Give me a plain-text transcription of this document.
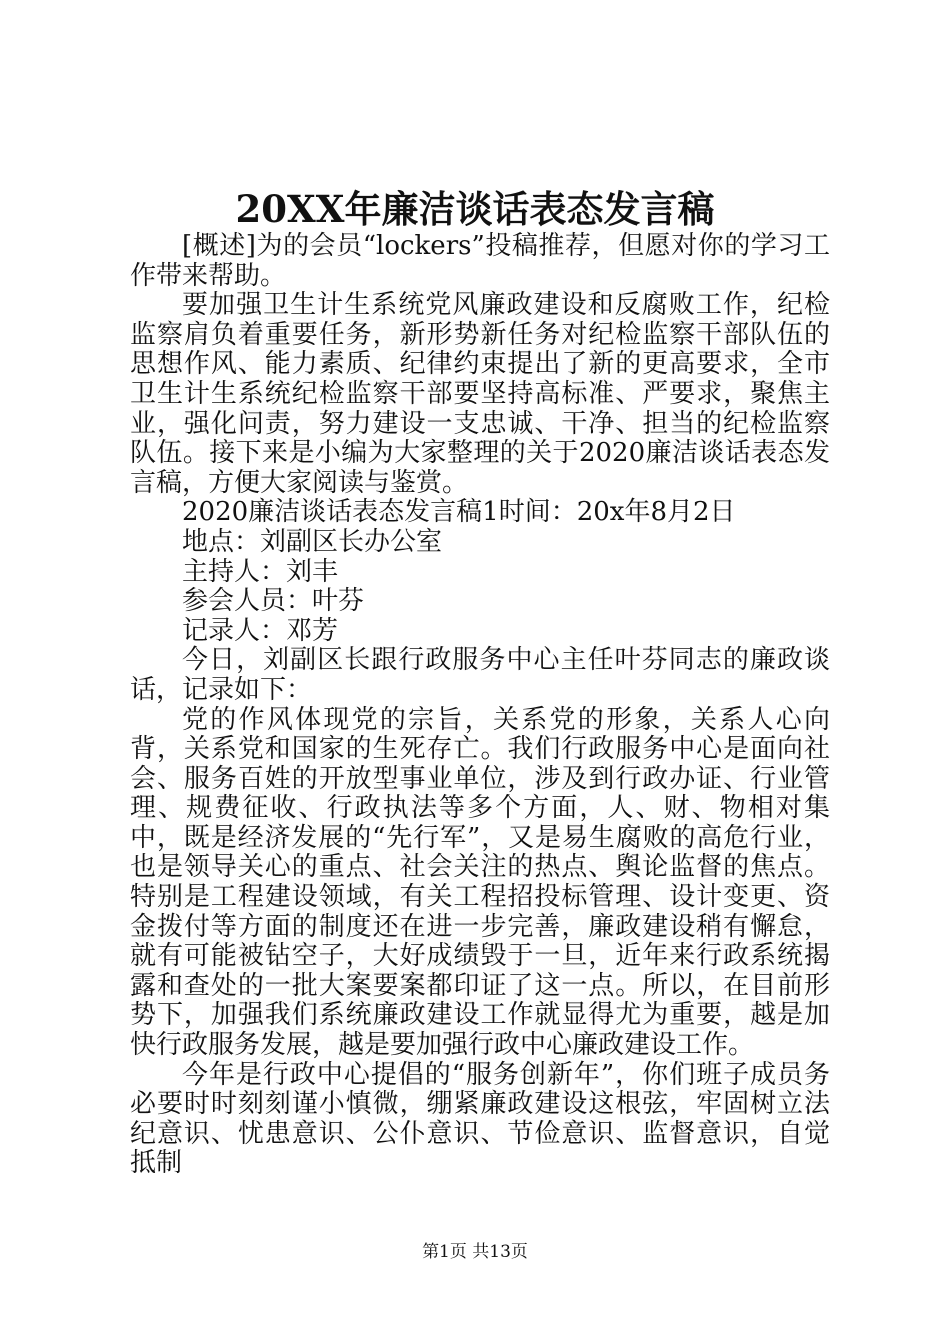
20XX年廉洁谈话表态发言稿

[概述]为的会员“lockers”投稿推荐，但愿对你的学习工作带来帮助。

要加强卫生计生系统党风廉政建设和反腐败工作，纪检监察肩负着重要任务，新形势新任务对纪检监察干部队伍的思想作风、能力素质、纪律约束提出了新的更高要求，全市卫生计生系统纪检监察干部要坚持高标准、严要求，聚焦主业，强化问责，努力建设一支忠诚、干净、担当的纪检监察队伍。接下来是小编为大家整理的关于2020廉洁谈话表态发言稿，方便大家阅读与鉴赏。

2020廉洁谈话表态发言稿1时间：20x年8月2日

地点：刘副区长办公室

主持人：刘丰

参会人员：叶芬

记录人：邓芳

今日，刘副区长跟行政服务中心主任叶芬同志的廉政谈话，记录如下：

党的作风体现党的宗旨，关系党的形象，关系人心向背，关系党和国家的生死存亡。我们行政服务中心是面向社会、服务百姓的开放型事业单位，涉及到行政办证、行业管理、规费征收、行政执法等多个方面，人、财、物相对集中，既是经济发展的“先行军”，又是易生腐败的高危行业，也是领导关心的重点、社会关注的热点、舆论监督的焦点。特别是工程建设领域，有关工程招投标管理、设计变更、资金拨付等方面的制度还在进一步完善，廉政建设稍有懈怠，就有可能被钻空子，大好成绩毁于一旦，近年来行政系统揭露和查处的一批大案要案都印证了这一点。所以，在目前形势下，加强我们系统廉政建设工作就显得尤为重要，越是加快行政服务发展，越是要加强行政中心廉政建设工作。

今年是行政中心提倡的“服务创新年”，你们班子成员务必要时时刻刻谨小慎微，绷紧廉政建设这根弦，牢固树立法纪意识、忧患意识、公仆意识、节俭意识、监督意识，自觉抵制

第1页 共13页
